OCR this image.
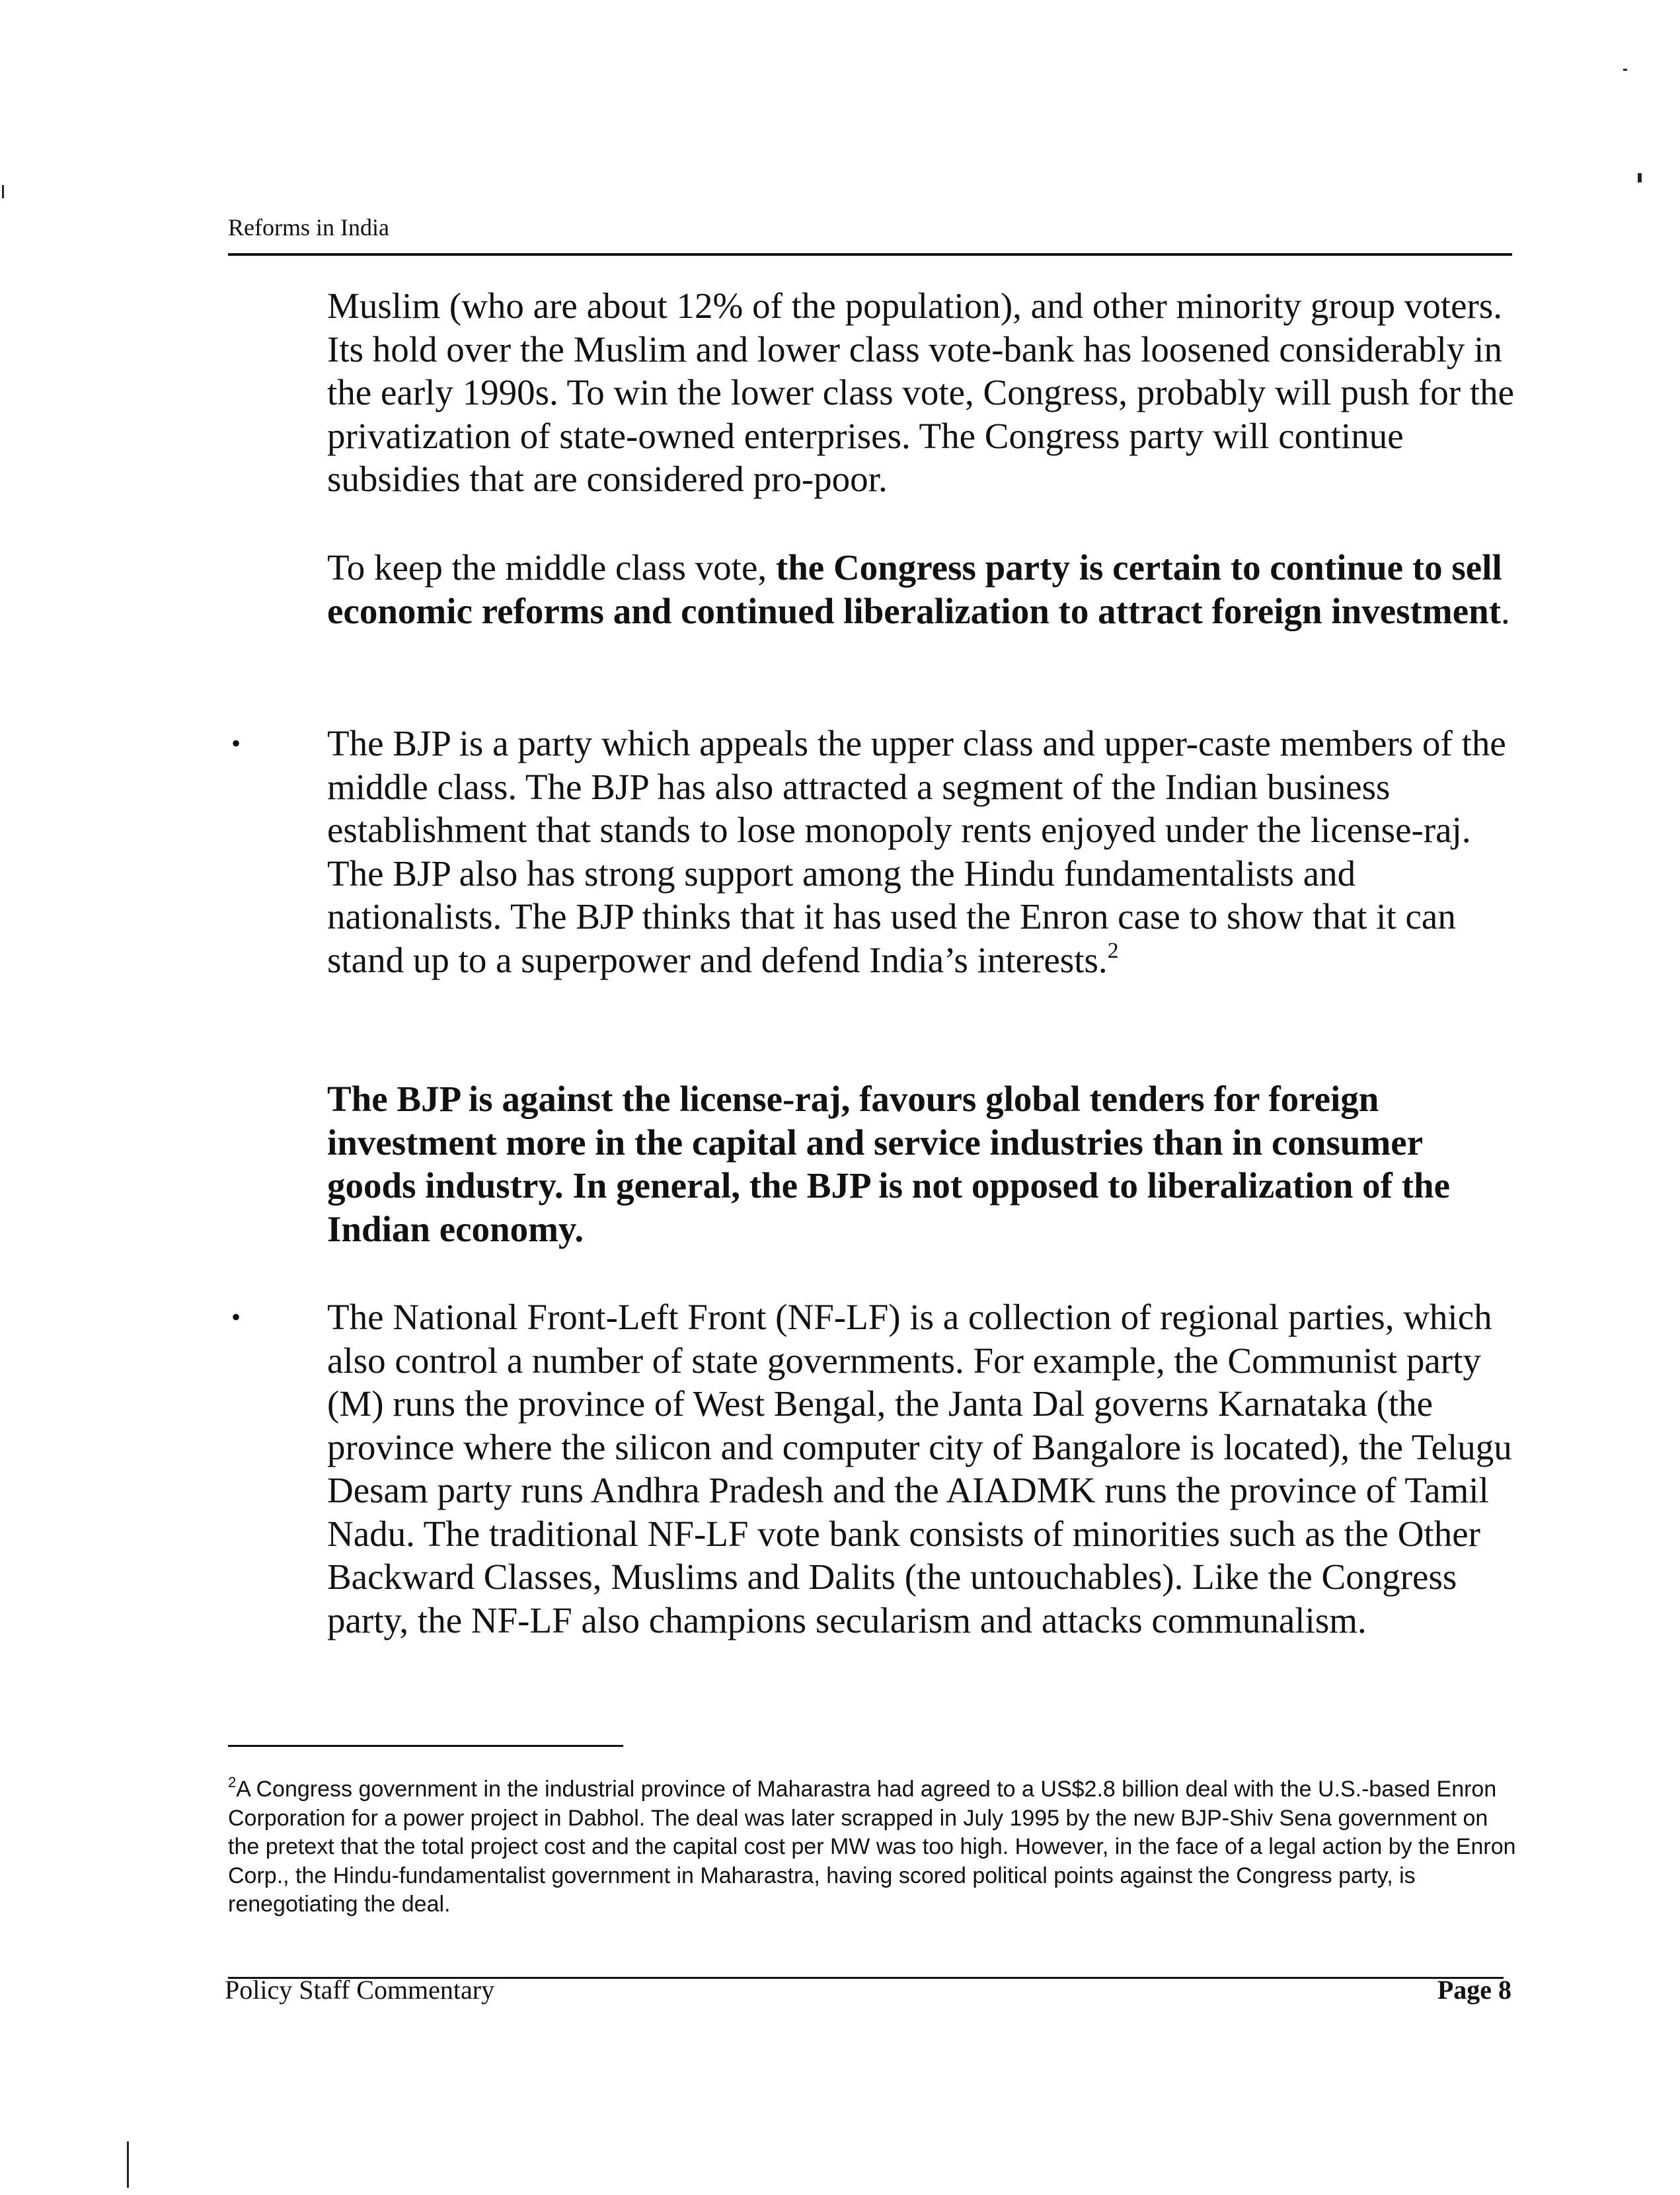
Reforms in India

Muslim (who are about 12% of the population), and other minority group voters. Its hold over the Muslim and lower class vote-bank has loosened considerably in the early 1990s. To win the lower class vote, Congress, probably will push for the privatization of state-owned enterprises. The Congress party will continue subsidies that are considered pro-poor.

To keep the middle class vote, the Congress party is certain to continue to sell economic reforms and continued liberalization to attract foreign investment.

• The BJP is a party which appeals the upper class and upper-caste members of the middle class. The BJP has also attracted a segment of the Indian business establishment that stands to lose monopoly rents enjoyed under the license-raj. The BJP also has strong support among the Hindu fundamentalists and nationalists. The BJP thinks that it has used the Enron case to show that it can stand up to a superpower and defend India’s interests.$^2$

The BJP is against the license-raj, favours global tenders for foreign investment more in the capital and service industries than in consumer goods industry. In general, the BJP is not opposed to liberalization of the Indian economy.

• The National Front-Left Front (NF-LF) is a collection of regional parties, which also control a number of state governments. For example, the Communist party (M) runs the province of West Bengal, the Janta Dal governs Karnataka (the province where the silicon and computer city of Bangalore is located), the Telugu Desam party runs Andhra Pradesh and the AIADMK runs the province of Tamil Nadu. The traditional NF-LF vote bank consists of minorities such as the Other Backward Classes, Muslims and Dalits (the untouchables). Like the Congress party, the NF-LF also champions secularism and attacks communalism.

$^2$A Congress government in the industrial province of Maharastra had agreed to a US$2.8 billion deal with the U.S.-based Enron Corporation for a power project in Dabhol. The deal was later scrapped in July 1995 by the new BJP-Shiv Sena government on the pretext that the total project cost and the capital cost per MW was too high. However, in the face of a legal action by the Enron Corp., the Hindu-fundamentalist government in Maharastra, having scored political points against the Congress party, is renegotiating the deal.

Policy Staff Commentary	Page 8
